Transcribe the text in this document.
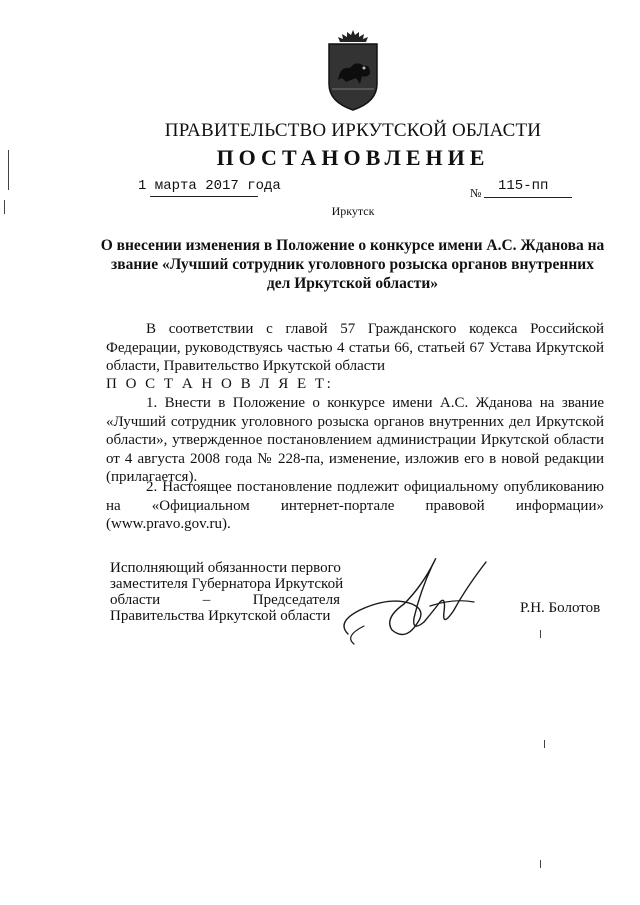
ПРАВИТЕЛЬСТВО ИРКУТСКОЙ ОБЛАСТИ
ПОСТАНОВЛЕНИЕ
1 марта 2017 года	№ 115-пп
Иркутск
О внесении изменения в Положение о конкурсе имени А.С. Жданова на
звание «Лучший сотрудник уголовного розыска органов внутренних
дел Иркутской области»
В соответствии с главой 57 Гражданского кодекса Российской
Федерации, руководствуясь частью 4 статьи 66, статьей 67 Устава Иркутской
области, Правительство Иркутской области
П О С Т А Н О В Л Я Е Т:
1. Внести в Положение о конкурсе имени А.С. Жданова на звание
«Лучший сотрудник уголовного розыска органов внутренних дел Иркутской
области», утвержденное постановлением администрации Иркутской области
от 4 августа 2008 года № 228-па, изменение, изложив его в новой редакции
(прилагается).
2. Настоящее постановление подлежит официальному опубликованию
на «Официальном интернет-портале правовой информации»
(www.pravo.gov.ru).
Исполняющий обязанности первого
заместителя Губернатора Иркутской
области	–	Председателя
Правительства Иркутской области	Р.Н. Болотов
